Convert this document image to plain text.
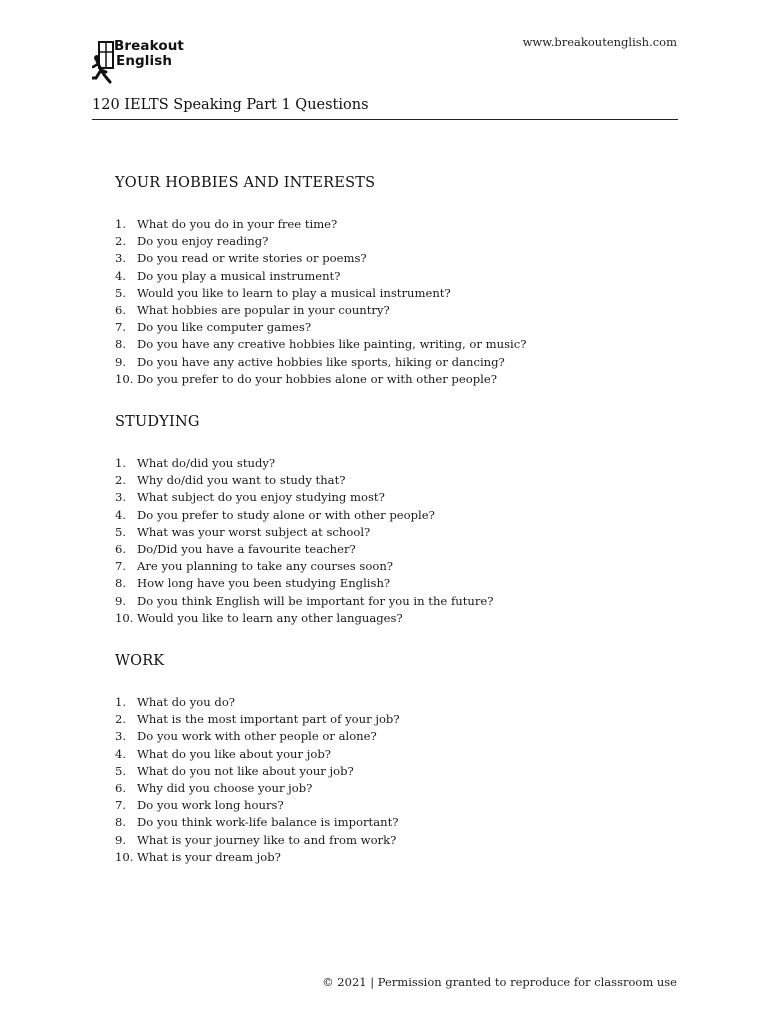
Breakout
English
www.breakoutenglish.com
120 IELTS Speaking Part 1 Questions
YOUR HOBBIES AND INTERESTS
1. What do you do in your free time?
2. Do you enjoy reading?
3. Do you read or write stories or poems?
4. Do you play a musical instrument?
5. Would you like to learn to play a musical instrument?
6. What hobbies are popular in your country?
7. Do you like computer games?
8. Do you have any creative hobbies like painting, writing, or music?
9. Do you have any active hobbies like sports, hiking or dancing?
10. Do you prefer to do your hobbies alone or with other people?
STUDYING
1. What do/did you study?
2. Why do/did you want to study that?
3. What subject do you enjoy studying most?
4. Do you prefer to study alone or with other people?
5. What was your worst subject at school?
6. Do/Did you have a favourite teacher?
7. Are you planning to take any courses soon?
8. How long have you been studying English?
9. Do you think English will be important for you in the future?
10. Would you like to learn any other languages?
WORK
1. What do you do?
2. What is the most important part of your job?
3. Do you work with other people or alone?
4. What do you like about your job?
5. What do you not like about your job?
6. Why did you choose your job?
7. Do you work long hours?
8. Do you think work-life balance is important?
9. What is your journey like to and from work?
10. What is your dream job?
© 2021 | Permission granted to reproduce for classroom use
